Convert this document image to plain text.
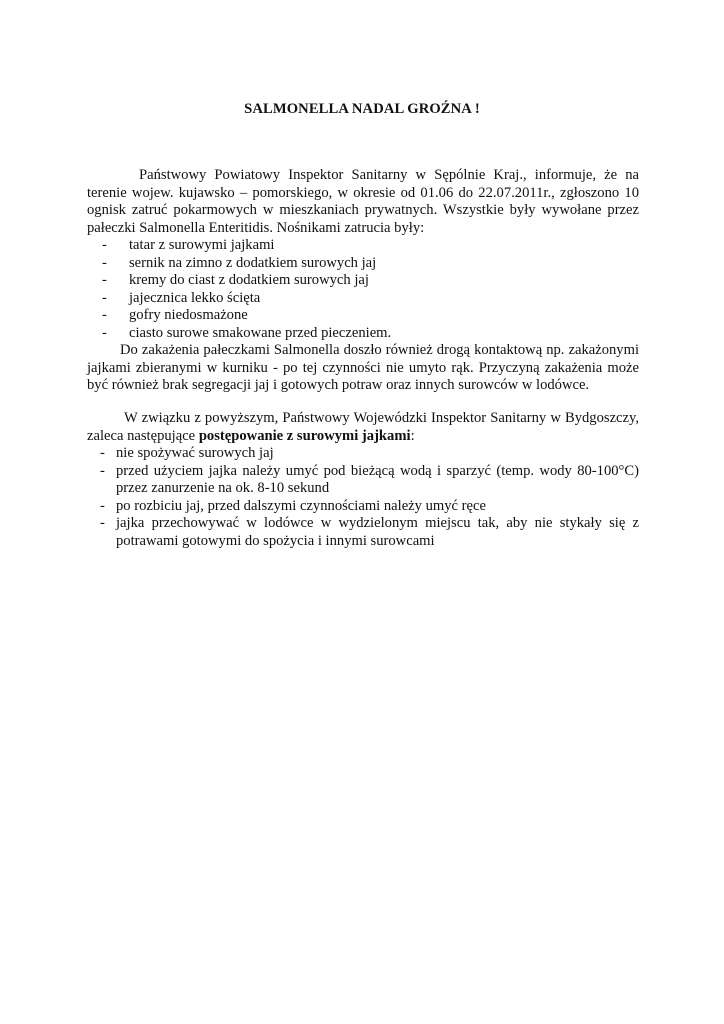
SALMONELLA NADAL GROŹNA !
Państwowy Powiatowy Inspektor Sanitarny w Sępólnie Kraj., informuje, że na terenie wojew. kujawsko – pomorskiego, w okresie od 01.06 do 22.07.2011r., zgłoszono 10 ognisk zatruć pokarmowych w mieszkaniach prywatnych. Wszystkie były wywołane przez pałeczki Salmonella Enteritidis. Nośnikami zatrucia były:
- tatar z surowymi jajkami
- sernik na zimno z dodatkiem surowych jaj
- kremy do ciast z dodatkiem surowych jaj
- jajecznica lekko ścięta
- gofry niedosmażone
- ciasto surowe smakowane przed pieczeniem.
Do zakażenia pałeczkami Salmonella doszło również drogą kontaktową np. zakażonymi jajkami zbieranymi w kurniku - po tej czynności nie umyto rąk. Przyczyną zakażenia może być również brak segregacji jaj i gotowych potraw oraz innych surowców w lodówce.
W związku z powyższym, Państwowy Wojewódzki Inspektor Sanitarny w Bydgoszczy, zaleca następujące postępowanie z surowymi jajkami:
- nie spożywać surowych jaj
- przed użyciem jajka należy umyć pod bieżącą wodą i sparzyć (temp. wody 80-100°C) przez zanurzenie na ok. 8-10 sekund
- po rozbiciu jaj, przed dalszymi czynnościami należy umyć ręce
- jajka przechowywać w lodówce w wydzielonym miejscu tak, aby nie stykały się z potrawami gotowymi do spożycia i innymi surowcami
